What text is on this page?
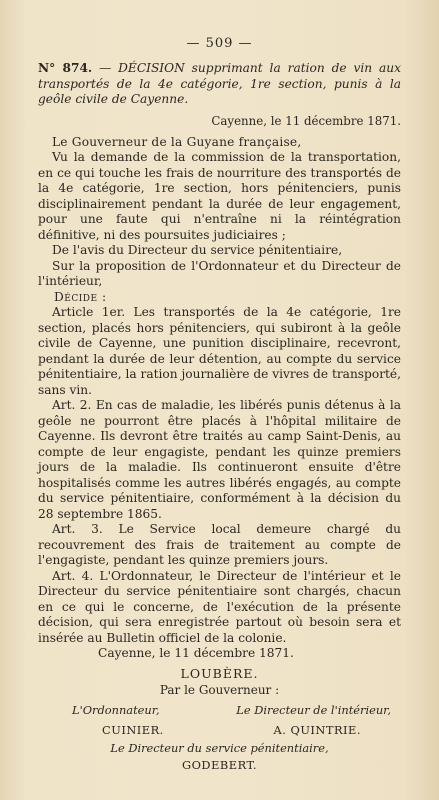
— 509 —
N° 874. — DÉCISION supprimant la ration de vin aux transportés de la 4e catégorie, 1re section, punis à la geôle civile de Cayenne.
Cayenne, le 11 décembre 1871.

Le Gouverneur de la Guyane française,

Vu la demande de la commission de la transportation, en ce qui touche les frais de nourriture des transportés de la 4e catégorie, 1re section, hors pénitenciers, punis disciplinairement pendant la durée de leur engagement, pour une faute qui n'entraîne ni la réintégration définitive, ni des poursuites judiciaires ;

De l'avis du Directeur du service pénitentiaire,

Sur la proposition de l'Ordonnateur et du Directeur de l'intérieur,

Décide :

Article 1er. Les transportés de la 4e catégorie, 1re section, placés hors pénitenciers, qui subiront à la geôle civile de Cayenne, une punition disciplinaire, recevront, pendant la durée de leur détention, au compte du service pénitentiaire, la ration journalière de vivres de transporté, sans vin.

Art. 2. En cas de maladie, les libérés punis détenus à la geôle ne pourront être placés à l'hôpital militaire de Cayenne. Ils devront être traités au camp Saint-Denis, au compte de leur engagiste, pendant les quinze premiers jours de la maladie. Ils continueront ensuite d'être hospitalisés comme les autres libérés engagés, au compte du service pénitentiaire, conformément à la décision du 28 septembre 1865.

Art. 3. Le Service local demeure chargé du recouvrement des frais de traitement au compte de l'engagiste, pendant les quinze premiers jours.

Art. 4. L'Ordonnateur, le Directeur de l'intérieur et le Directeur du service pénitentiaire sont chargés, chacun en ce qui le concerne, de l'exécution de la présente décision, qui sera enregistrée partout où besoin sera et insérée au Bulletin officiel de la colonie.

Cayenne, le 11 décembre 1871.

LOUBÈRE.
Par le Gouverneur :
L'Ordonnateur,	Le Directeur de l'intérieur,
CUINIER.	A. QUINTRIE.
Le Directeur du service pénitentiaire,
GODEBERT.
